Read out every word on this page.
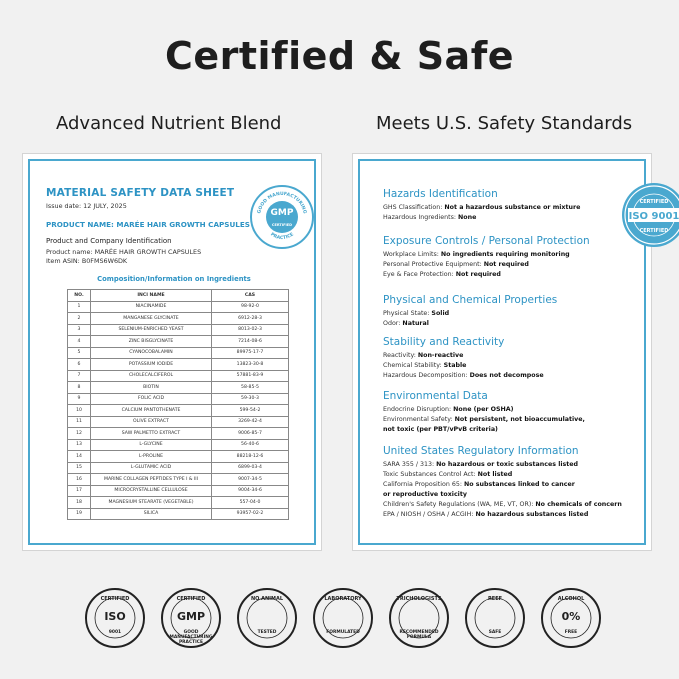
Certified & Safe
Advanced Nutrient Blend	Meets U.S. Safety Standards
MATERIAL SAFETY DATA SHEET
Issue date: 12 JULY, 2025
PRODUCT NAME: MARÉE HAIR GROWTH CAPSULES
Product and Company Identification
Product name: MARÉE HAIR GROWTH CAPSULES
Item ASIN: B0FMS6W6DK
GOOD MANUFACTURING
PRACTICE
GMP
CERTIFIED
Composition/Information on Ingredients
NO.	INCI NAME	CAS
1	NIACINAMIDE	98-92-0
2	MANGANESE GLYCINATE	6912-28-3
3	SELENIUM-ENRICHED YEAST	8013-02-3
4	ZINC BISGLYCINATE	7214-08-6
5	CYANOCOBALAMIN	89975-17-7
6	POTASSIUM IODIDE	13823-30-8
7	CHOLECALCIFEROL	57881-83-9
8	BIOTIN	58-85-5
9	FOLIC ACID	59-30-3
10	CALCIUM PANTOTHENATE	599-54-2
11	OLIVE EXTRACT	3269-42-4
12	SAW PALMETTO EXTRACT	9006-85-7
13	L-GLYCINE	56-40-6
14	L-PROLINE	88218-12-6
15	L-GLUTAMIC ACID	6899-03-4
16	MARINE COLLAGEN PEPTIDES TYPE I & III	9007-34-5
17	MICROCRYSTALLINE CELLULOSE	9004-34-6
18	MAGNESIUM STEARATE (VEGETABLE)	557-04-0
19	SILICA	93957-02-2
ISO 9001
CERTIFIED
CERTIFIED
Hazards Identification
GHS Classification: Not a hazardous substance or mixture
Hazardous Ingredients: None
Exposure Controls / Personal Protection
Workplace Limits: No ingredients requiring monitoring
Personal Protective Equipment: Not required
Eye & Face Protection: Not required
Physical and Chemical Properties
Physical State: Solid
Odor: Natural
Stability and Reactivity
Reactivity: Non-reactive
Chemical Stability: Stable
Hazardous Decomposition: Does not decompose
Environmental Data
Endocrine Disruption: None (per OSHA)
Environmental Safety: Not persistent, not bioaccumulative,
not toxic (per PBT/vPvB criteria)
United States Regulatory Information
SARA 355 / 313: No hazardous or toxic substances listed
Toxic Substances Control Act: Not listed
California Proposition 65: No substances linked to cancer
or reproductive toxicity
Children's Safety Regulations (WA, ME, VT, OR): No chemicals of concern
EPA / NIOSH / OSHA / ACGIH: No hazardous substances listed
CERTIFIED
ISO
9001
CERTIFIED
GMP
GOOD MANUFACTURING PRACTICE
NO ANIMAL
TESTED
LABORATORY
FORMULATED
TRICHOLOGISTS
RECOMMENDED FORMULA
REEF
SAFE
ALCOHOL
0%
FREE
